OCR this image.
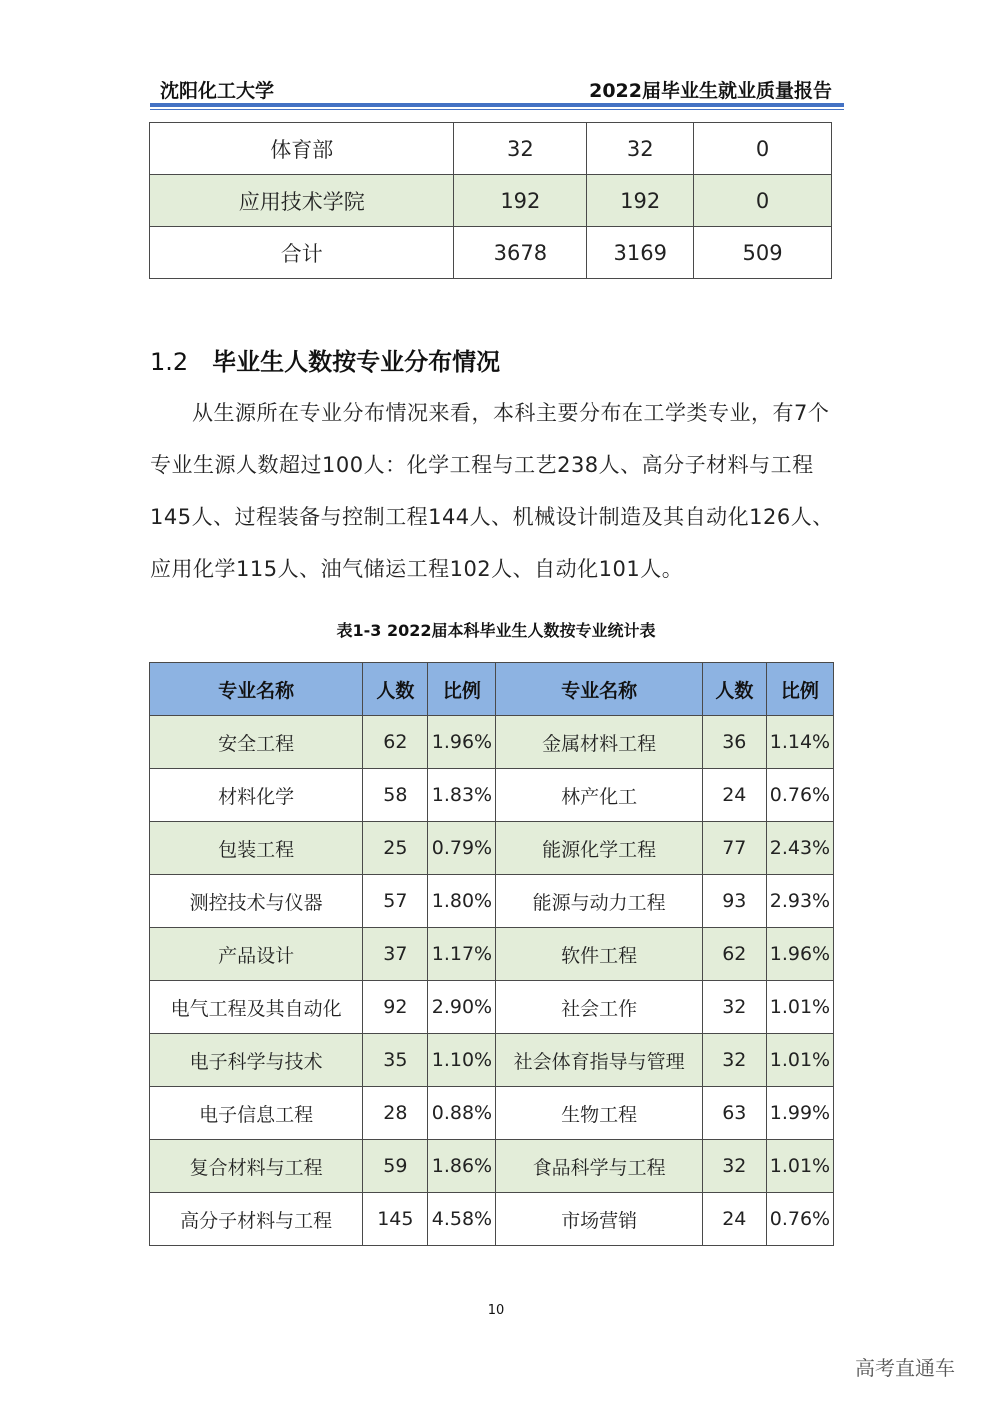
沈阳化工大学	2022届毕业生就业质量报告
体育部	32	32	0
应用技术学院	192	192	0
合计	3678	3169	509
1.2 毕业生人数按专业分布情况

从生源所在专业分布情况来看，本科主要分布在工学类专业，有7个专业生源人数超过100人：化学工程与工艺238人、高分子材料与工程145人、过程装备与控制工程144人、机械设计制造及其自动化126人、应用化学115人、油气储运工程102人、自动化101人。

表1-3 2022届本科毕业生人数按专业统计表
专业名称	人数	比例	专业名称	人数	比例
安全工程	62	1.96%	金属材料工程	36	1.14%
材料化学	58	1.83%	林产化工	24	0.76%
包装工程	25	0.79%	能源化学工程	77	2.43%
测控技术与仪器	57	1.80%	能源与动力工程	93	2.93%
产品设计	37	1.17%	软件工程	62	1.96%
电气工程及其自动化	92	2.90%	社会工作	32	1.01%
电子科学与技术	35	1.10%	社会体育指导与管理	32	1.01%
电子信息工程	28	0.88%	生物工程	63	1.99%
复合材料与工程	59	1.86%	食品科学与工程	32	1.01%
高分子材料与工程	145	4.58%	市场营销	24	0.76%
10
高考直通车
